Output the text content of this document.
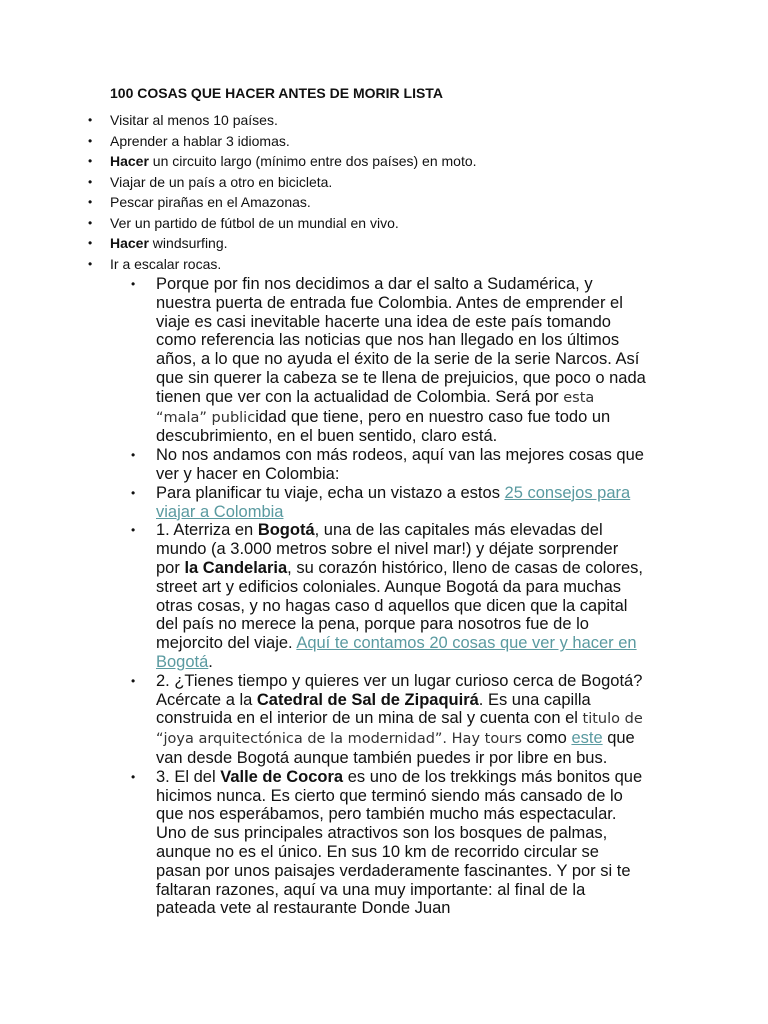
100 COSAS QUE HACER ANTES DE MORIR LISTA
• Visitar al menos 10 países.
• Aprender a hablar 3 idiomas.
• Hacer un circuito largo (mínimo entre dos países) en moto.
• Viajar de un país a otro en bicicleta.
• Pescar pirañas en el Amazonas.
• Ver un partido de fútbol de un mundial en vivo.
• Hacer windsurfing.
• Ir a escalar rocas.
• Porque por fin nos decidimos a dar el salto a Sudamérica, y nuestra puerta de entrada fue Colombia. Antes de emprender el viaje es casi inevitable hacerte una idea de este país tomando como referencia las noticias que nos han llegado en los últimos años, a lo que no ayuda el éxito de la serie de la serie Narcos. Así que sin querer la cabeza se te llena de prejuicios, que poco o nada tienen que ver con la actualidad de Colombia. Será por esta “mala” publicidad que tiene, pero en nuestro caso fue todo un descubrimiento, en el buen sentido, claro está.
• No nos andamos con más rodeos, aquí van las mejores cosas que ver y hacer en Colombia:
• Para planificar tu viaje, echa un vistazo a estos 25 consejos para viajar a Colombia
• 1. Aterriza en Bogotá, una de las capitales más elevadas del mundo (a 3.000 metros sobre el nivel mar!) y déjate sorprender por la Candelaria, su corazón histórico, lleno de casas de colores, street art y edificios coloniales. Aunque Bogotá da para muchas otras cosas, y no hagas caso d aquellos que dicen que la capital del país no merece la pena, porque para nosotros fue de lo mejorcito del viaje. Aquí te contamos 20 cosas que ver y hacer en Bogotá.
• 2. ¿Tienes tiempo y quieres ver un lugar curioso cerca de Bogotá? Acércate a la Catedral de Sal de Zipaquirá. Es una capilla construida en el interior de un mina de sal y cuenta con el titulo de “joya arquitectónica de la modernidad”. Hay tours como este que van desde Bogotá aunque también puedes ir por libre en bus.
• 3. El del Valle de Cocora es uno de los trekkings más bonitos que hicimos nunca. Es cierto que terminó siendo más cansado de lo que nos esperábamos, pero también mucho más espectacular. Uno de sus principales atractivos son los bosques de palmas, aunque no es el único. En sus 10 km de recorrido circular se pasan por unos paisajes verdaderamente fascinantes. Y por si te faltaran razones, aquí va una muy importante: al final de la pateada vete al restaurante Donde Juan
